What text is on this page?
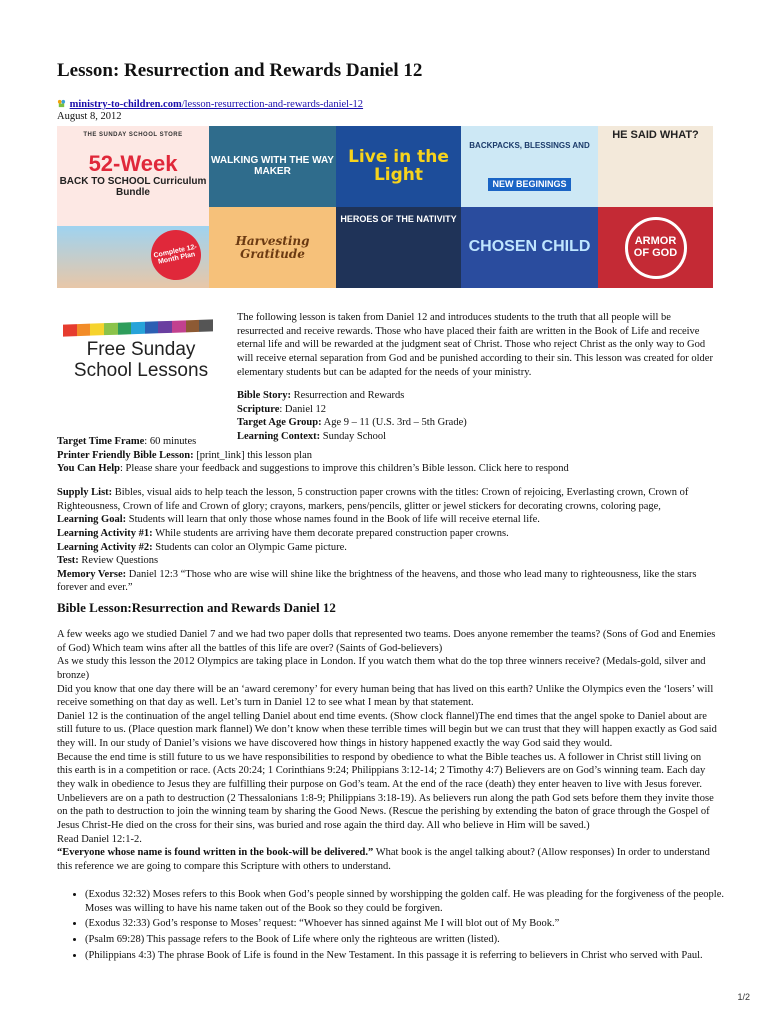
Lesson: Resurrection and Rewards Daniel 12
ministry-to-children.com/lesson-resurrection-and-rewards-daniel-12
August 8, 2012
THE SUNDAY SCHOOL STORE
52-Week
BACK TO SCHOOL Curriculum Bundle
Complete 12-Month Plan
WALKING WITH THE WAY MAKER
Live in the Light
BACKPACKS, BLESSINGS AND
NEW BEGININGS
HE SAID WHAT?
Harvesting Gratitude
HEROES OF THE NATIVITY
CHOSEN CHILD	ARMOR OF GOD
Free Sunday School Lessons

The following lesson is taken from Daniel 12 and introduces students to the truth that all people will be resurrected and receive rewards. Those who have placed their faith are written in the Book of Life and receive eternal life and will be rewarded at the judgment seat of Christ. Those who reject Christ as the only way to God will receive eternal separation from God and be punished according to their sin. This lesson was created for older elementary students but can be adapted for the needs of your ministry.

Bible Story: Resurrection and Rewards

Scripture: Daniel 12

Target Age Group: Age 9 – 11 (U.S. 3rd – 5th Grade)

Learning Context: Sunday School

Target Time Frame: 60 minutes

Printer Friendly Bible Lesson: [print_link] this lesson plan

You Can Help: Please share your feedback and suggestions to improve this children’s Bible lesson. Click here to respond

Supply List: Bibles, visual aids to help teach the lesson, 5 construction paper crowns with the titles: Crown of rejoicing, Everlasting crown, Crown of Righteousness, Crown of life and Crown of glory; crayons, markers, pens/pencils, glitter or jewel stickers for decorating crowns, coloring page,

Learning Goal: Students will learn that only those whose names found in the Book of life will receive eternal life.

Learning Activity #1: While students are arriving have them decorate prepared construction paper crowns.

Learning Activity #2: Students can color an Olympic Game picture.

Test: Review Questions

Memory Verse: Daniel 12:3 “Those who are wise will shine like the brightness of the heavens, and those who lead many to righteousness, like the stars forever and ever.”

Bible Lesson:Resurrection and Rewards Daniel 12

A few weeks ago we studied Daniel 7 and we had two paper dolls that represented two teams. Does anyone remember the teams? (Sons of God and Enemies of God) Which team wins after all the battles of this life are over? (Saints of God-believers)

As we study this lesson the 2012 Olympics are taking place in London. If you watch them what do the top three winners receive? (Medals-gold, silver and bronze)

Did you know that one day there will be an ‘award ceremony’ for every human being that has lived on this earth? Unlike the Olympics even the ‘losers’ will receive something on that day as well. Let’s turn in Daniel 12 to see what I mean by that statement.

Daniel 12 is the continuation of the angel telling Daniel about end time events. (Show clock flannel)The end times that the angel spoke to Daniel about are still future to us. (Place question mark flannel) We don’t know when these terrible times will begin but we can trust that they will happen exactly as God said they will. In our study of Daniel’s visions we have discovered how things in history happened exactly the way God said they would.

Because the end time is still future to us we have responsibilities to respond by obedience to what the Bible teaches us. A follower in Christ still living on this earth is in a competition or race. (Acts 20:24; 1 Corinthians 9:24; Philippians 3:12-14; 2 Timothy 4:7) Believers are on God’s winning team. Each day they walk in obedience to Jesus they are fulfilling their purpose on God’s team. At the end of the race (death) they enter heaven to live with Jesus forever.

Unbelievers are on a path to destruction (2 Thessalonians 1:8-9; Philippians 3:18-19). As believers run along the path God sets before them they invite those on the path to destruction to join the winning team by sharing the Good News. (Rescue the perishing by extending the baton of grace through the Gospel of Jesus Christ-He died on the cross for their sins, was buried and rose again the third day. All who believe in Him will be saved.)

Read Daniel 12:1-2.

“Everyone whose name is found written in the book-will be delivered.” What book is the angel talking about? (Allow responses) In order to understand this reference we are going to compare this Scripture with others to understand.

• (Exodus 32:32) Moses refers to this Book when God’s people sinned by worshipping the golden calf. He was pleading for the forgiveness of the people. Moses was willing to have his name taken out of the Book so they could be forgiven.
• (Exodus 32:33) God’s response to Moses’ request: “Whoever has sinned against Me I will blot out of My Book.”
• (Psalm 69:28) This passage refers to the Book of Life where only the righteous are written (listed).
• (Philippians 4:3) The phrase Book of Life is found in the New Testament. In this passage it is referring to believers in Christ who served with Paul.
1/2
